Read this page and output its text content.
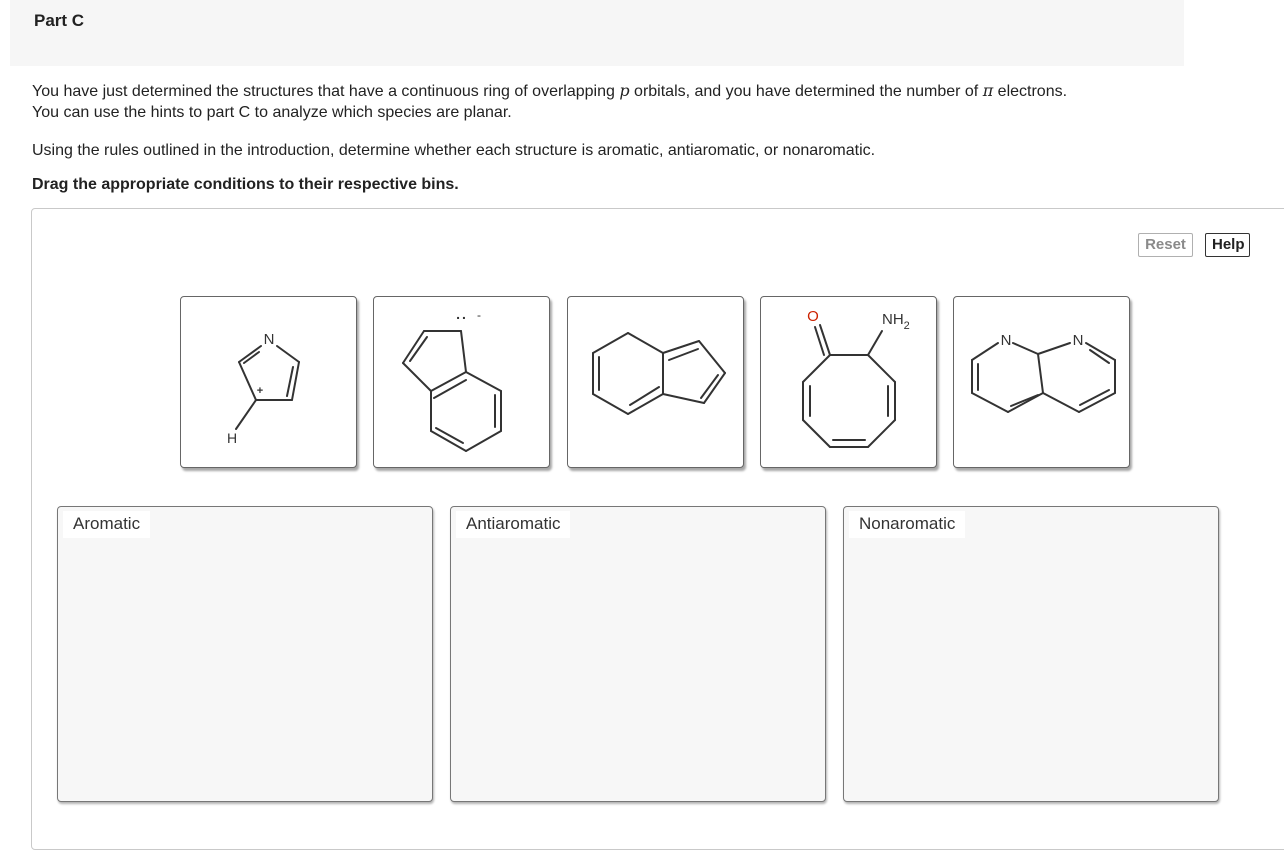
Part C
You have just determined the structures that have a continuous ring of overlapping p orbitals, and you have determined the number of π electrons.
You can use the hints to part C to analyze which species are planar.
Using the rules outlined in the introduction, determine whether each structure is aromatic, antiaromatic, or nonaromatic.
Drag the appropriate conditions to their respective bins.
Reset	Help
N
+
H
.. -	O	$NH_2$
N	N
Aromatic	Antiaromatic	Nonaromatic
